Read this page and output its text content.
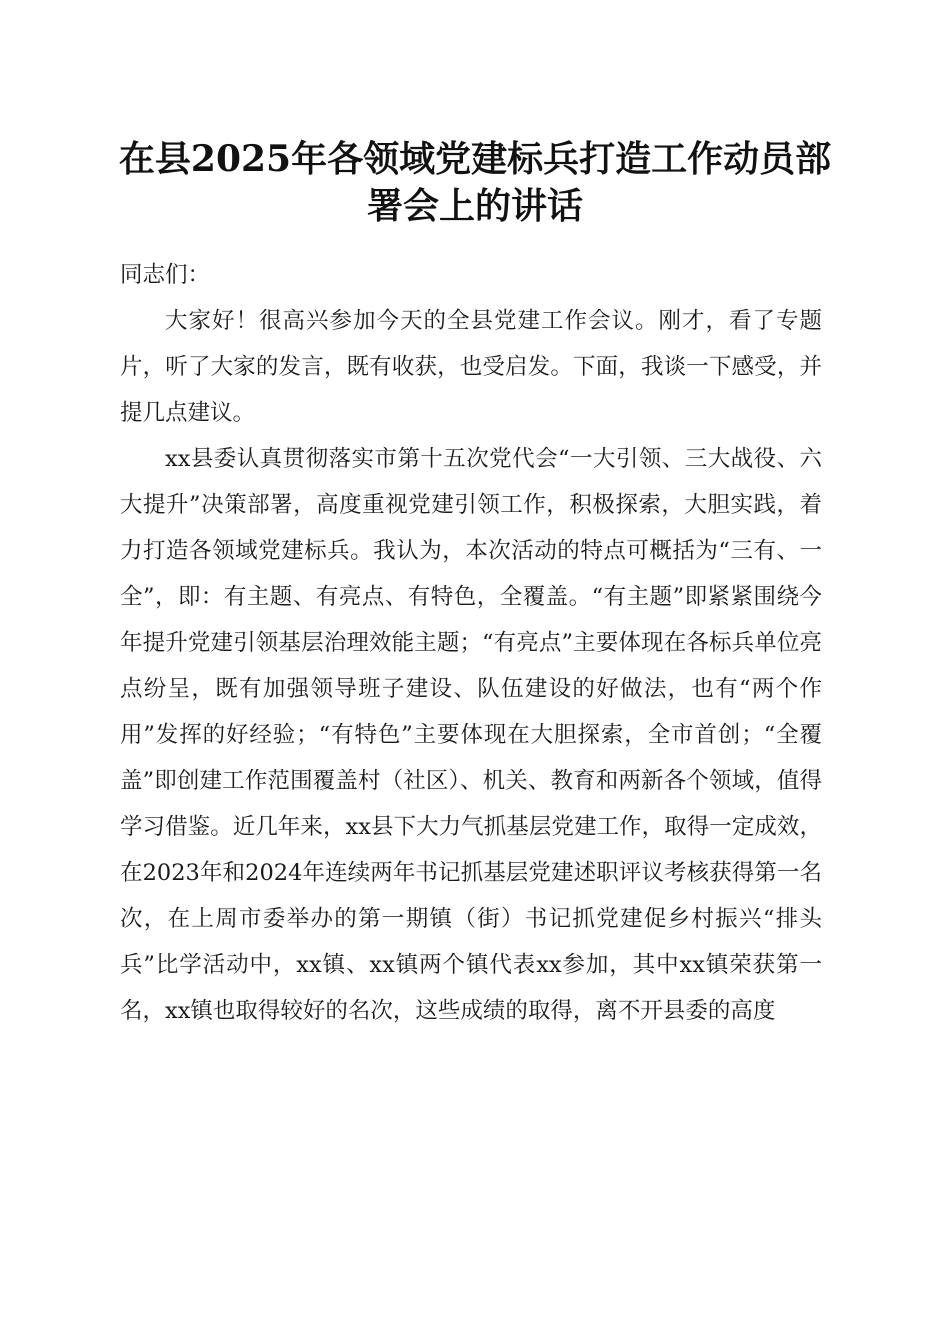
在县2025年各领域党建标兵打造工作动员部署会上的讲话

同志们：

大家好！很高兴参加今天的全县党建工作会议。刚才，看了专题片，听了大家的发言，既有收获，也受启发。下面，我谈一下感受，并提几点建议。

xx县委认真贯彻落实市第十五次党代会“一大引领、三大战役、六大提升”决策部署，高度重视党建引领工作，积极探索，大胆实践，着力打造各领域党建标兵。我认为，本次活动的特点可概括为“三有、一全”，即：有主题、有亮点、有特色，全覆盖。“有主题”即紧紧围绕今年提升党建引领基层治理效能主题；“有亮点”主要体现在各标兵单位亮点纷呈，既有加强领导班子建设、队伍建设的好做法，也有“两个作用”发挥的好经验；“有特色”主要体现在大胆探索，全市首创；“全覆盖”即创建工作范围覆盖村（社区）、机关、教育和两新各个领域，值得学习借鉴。近几年来，xx县下大力气抓基层党建工作，取得一定成效，在2023年和2024年连续两年书记抓基层党建述职评议考核获得第一名次，在上周市委举办的第一期镇（街）书记抓党建促乡村振兴“排头兵”比学活动中，xx镇、xx镇两个镇代表xx参加，其中xx镇荣获第一名，xx镇也取得较好的名次，这些成绩的取得，离不开县委的高度
